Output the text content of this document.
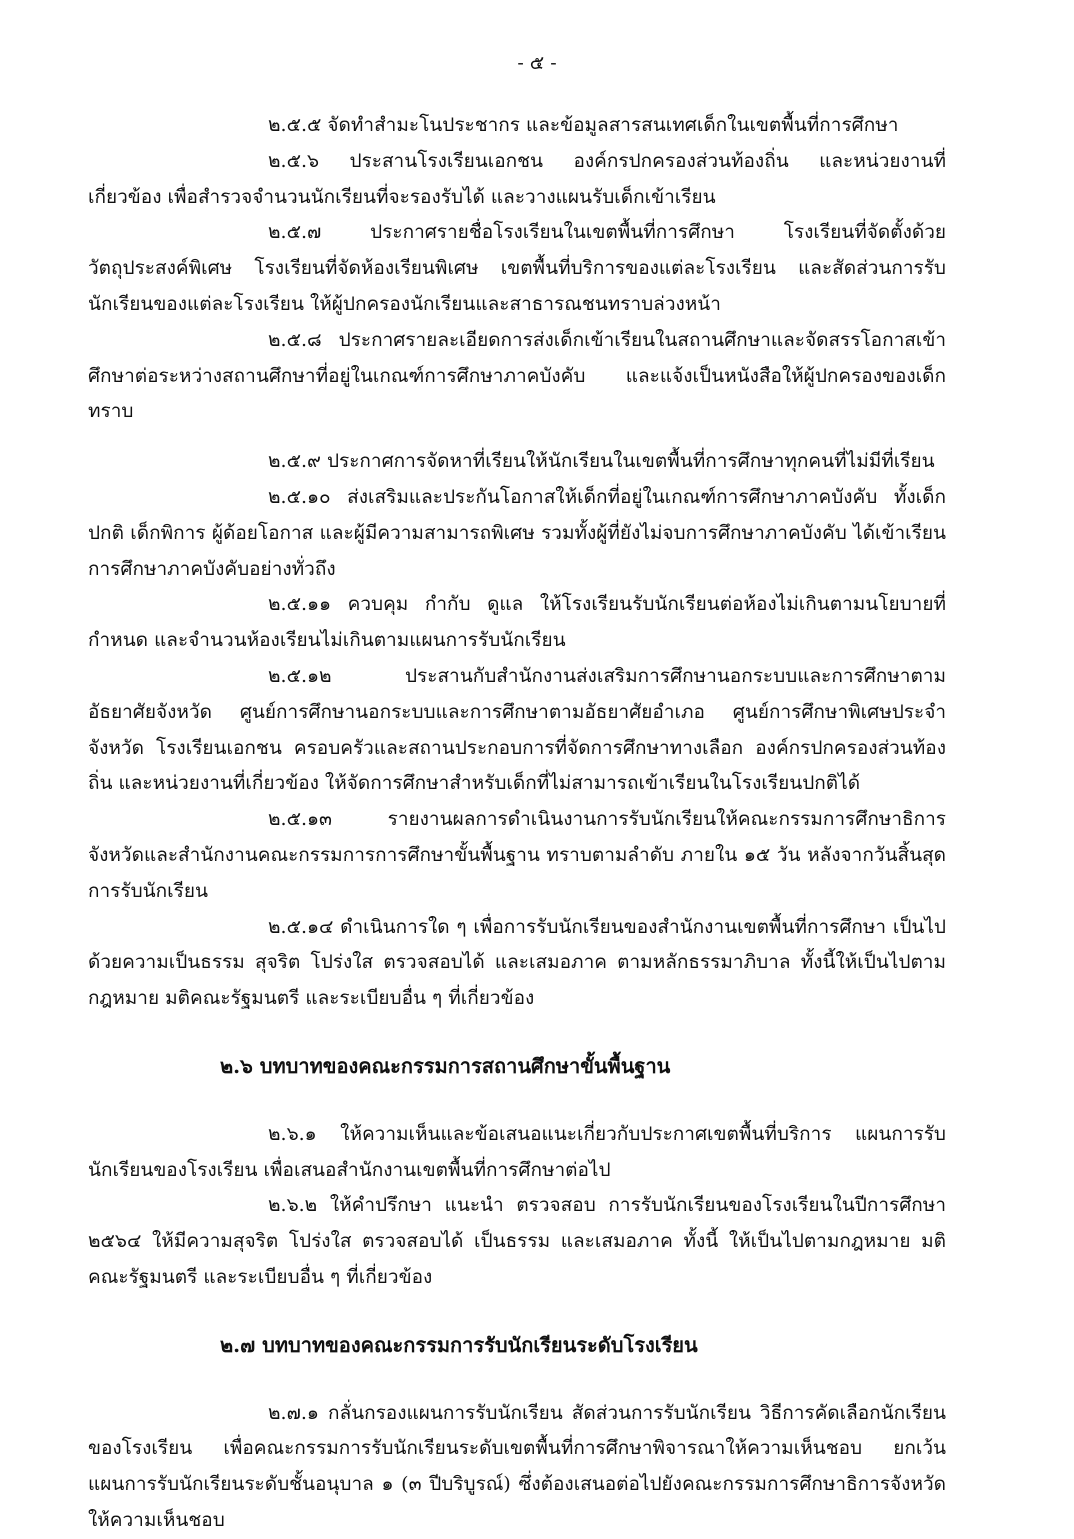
- ๕ -

๒.๕.๕ จัดทำสำมะโนประชากร และข้อมูลสารสนเทศเด็กในเขตพื้นที่การศึกษา

๒.๕.๖ ประสานโรงเรียนเอกชน องค์กรปกครองส่วนท้องถิ่น และหน่วยงานที่เกี่ยวข้อง เพื่อสำรวจจำนวนนักเรียนที่จะรองรับได้ และวางแผนรับเด็กเข้าเรียน

๒.๕.๗ ประกาศรายชื่อโรงเรียนในเขตพื้นที่การศึกษา โรงเรียนที่จัดตั้งด้วยวัตถุประสงค์พิเศษ โรงเรียนที่จัดห้องเรียนพิเศษ เขตพื้นที่บริการของแต่ละโรงเรียน และสัดส่วนการรับนักเรียนของแต่ละโรงเรียน ให้ผู้ปกครองนักเรียนและสาธารณชนทราบล่วงหน้า

๒.๕.๘ ประกาศรายละเอียดการส่งเด็กเข้าเรียนในสถานศึกษาและจัดสรรโอกาสเข้าศึกษาต่อระหว่างสถานศึกษาที่อยู่ในเกณฑ์การศึกษาภาคบังคับ และแจ้งเป็นหนังสือให้ผู้ปกครองของเด็กทราบ

๒.๕.๙ ประกาศการจัดหาที่เรียนให้นักเรียนในเขตพื้นที่การศึกษาทุกคนที่ไม่มีที่เรียน

๒.๕.๑๐ ส่งเสริมและประกันโอกาสให้เด็กที่อยู่ในเกณฑ์การศึกษาภาคบังคับ ทั้งเด็กปกติ เด็กพิการ ผู้ด้อยโอกาส และผู้มีความสามารถพิเศษ รวมทั้งผู้ที่ยังไม่จบการศึกษาภาคบังคับ ได้เข้าเรียนการศึกษาภาคบังคับอย่างทั่วถึง

๒.๕.๑๑ ควบคุม กำกับ ดูแล ให้โรงเรียนรับนักเรียนต่อห้องไม่เกินตามนโยบายที่กำหนด และจำนวนห้องเรียนไม่เกินตามแผนการรับนักเรียน

๒.๕.๑๒ ประสานกับสำนักงานส่งเสริมการศึกษานอกระบบและการศึกษาตามอัธยาศัยจังหวัด ศูนย์การศึกษานอกระบบและการศึกษาตามอัธยาศัยอำเภอ ศูนย์การศึกษาพิเศษประจำจังหวัด โรงเรียนเอกชน ครอบครัวและสถานประกอบการที่จัดการศึกษาทางเลือก องค์กรปกครองส่วนท้องถิ่น และหน่วยงานที่เกี่ยวข้อง ให้จัดการศึกษาสำหรับเด็กที่ไม่สามารถเข้าเรียนในโรงเรียนปกติได้

๒.๕.๑๓ รายงานผลการดำเนินงานการรับนักเรียนให้คณะกรรมการศึกษาธิการจังหวัดและสำนักงานคณะกรรมการการศึกษาขั้นพื้นฐาน ทราบตามลำดับ ภายใน ๑๕ วัน หลังจากวันสิ้นสุดการรับนักเรียน

๒.๕.๑๔ ดำเนินการใด ๆ เพื่อการรับนักเรียนของสำนักงานเขตพื้นที่การศึกษา เป็นไปด้วยความเป็นธรรม สุจริต โปร่งใส ตรวจสอบได้ และเสมอภาค ตามหลักธรรมาภิบาล ทั้งนี้ให้เป็นไปตามกฎหมาย มติคณะรัฐมนตรี และระเบียบอื่น ๆ ที่เกี่ยวข้อง

๒.๖ บทบาทของคณะกรรมการสถานศึกษาขั้นพื้นฐาน

๒.๖.๑ ให้ความเห็นและข้อเสนอแนะเกี่ยวกับประกาศเขตพื้นที่บริการ แผนการรับนักเรียนของโรงเรียน เพื่อเสนอสำนักงานเขตพื้นที่การศึกษาต่อไป

๒.๖.๒ ให้คำปรึกษา แนะนำ ตรวจสอบ การรับนักเรียนของโรงเรียนในปีการศึกษา ๒๕๖๔ ให้มีความสุจริต โปร่งใส ตรวจสอบได้ เป็นธรรม และเสมอภาค ทั้งนี้ ให้เป็นไปตามกฎหมาย มติคณะรัฐมนตรี และระเบียบอื่น ๆ ที่เกี่ยวข้อง

๒.๗ บทบาทของคณะกรรมการรับนักเรียนระดับโรงเรียน

๒.๗.๑ กลั่นกรองแผนการรับนักเรียน สัดส่วนการรับนักเรียน วิธีการคัดเลือกนักเรียนของโรงเรียน เพื่อคณะกรรมการรับนักเรียนระดับเขตพื้นที่การศึกษาพิจารณาให้ความเห็นชอบ ยกเว้นแผนการรับนักเรียนระดับชั้นอนุบาล ๑ (๓ ปีบริบูรณ์) ซึ่งต้องเสนอต่อไปยังคณะกรรมการศึกษาธิการจังหวัดให้ความเห็นชอบ
